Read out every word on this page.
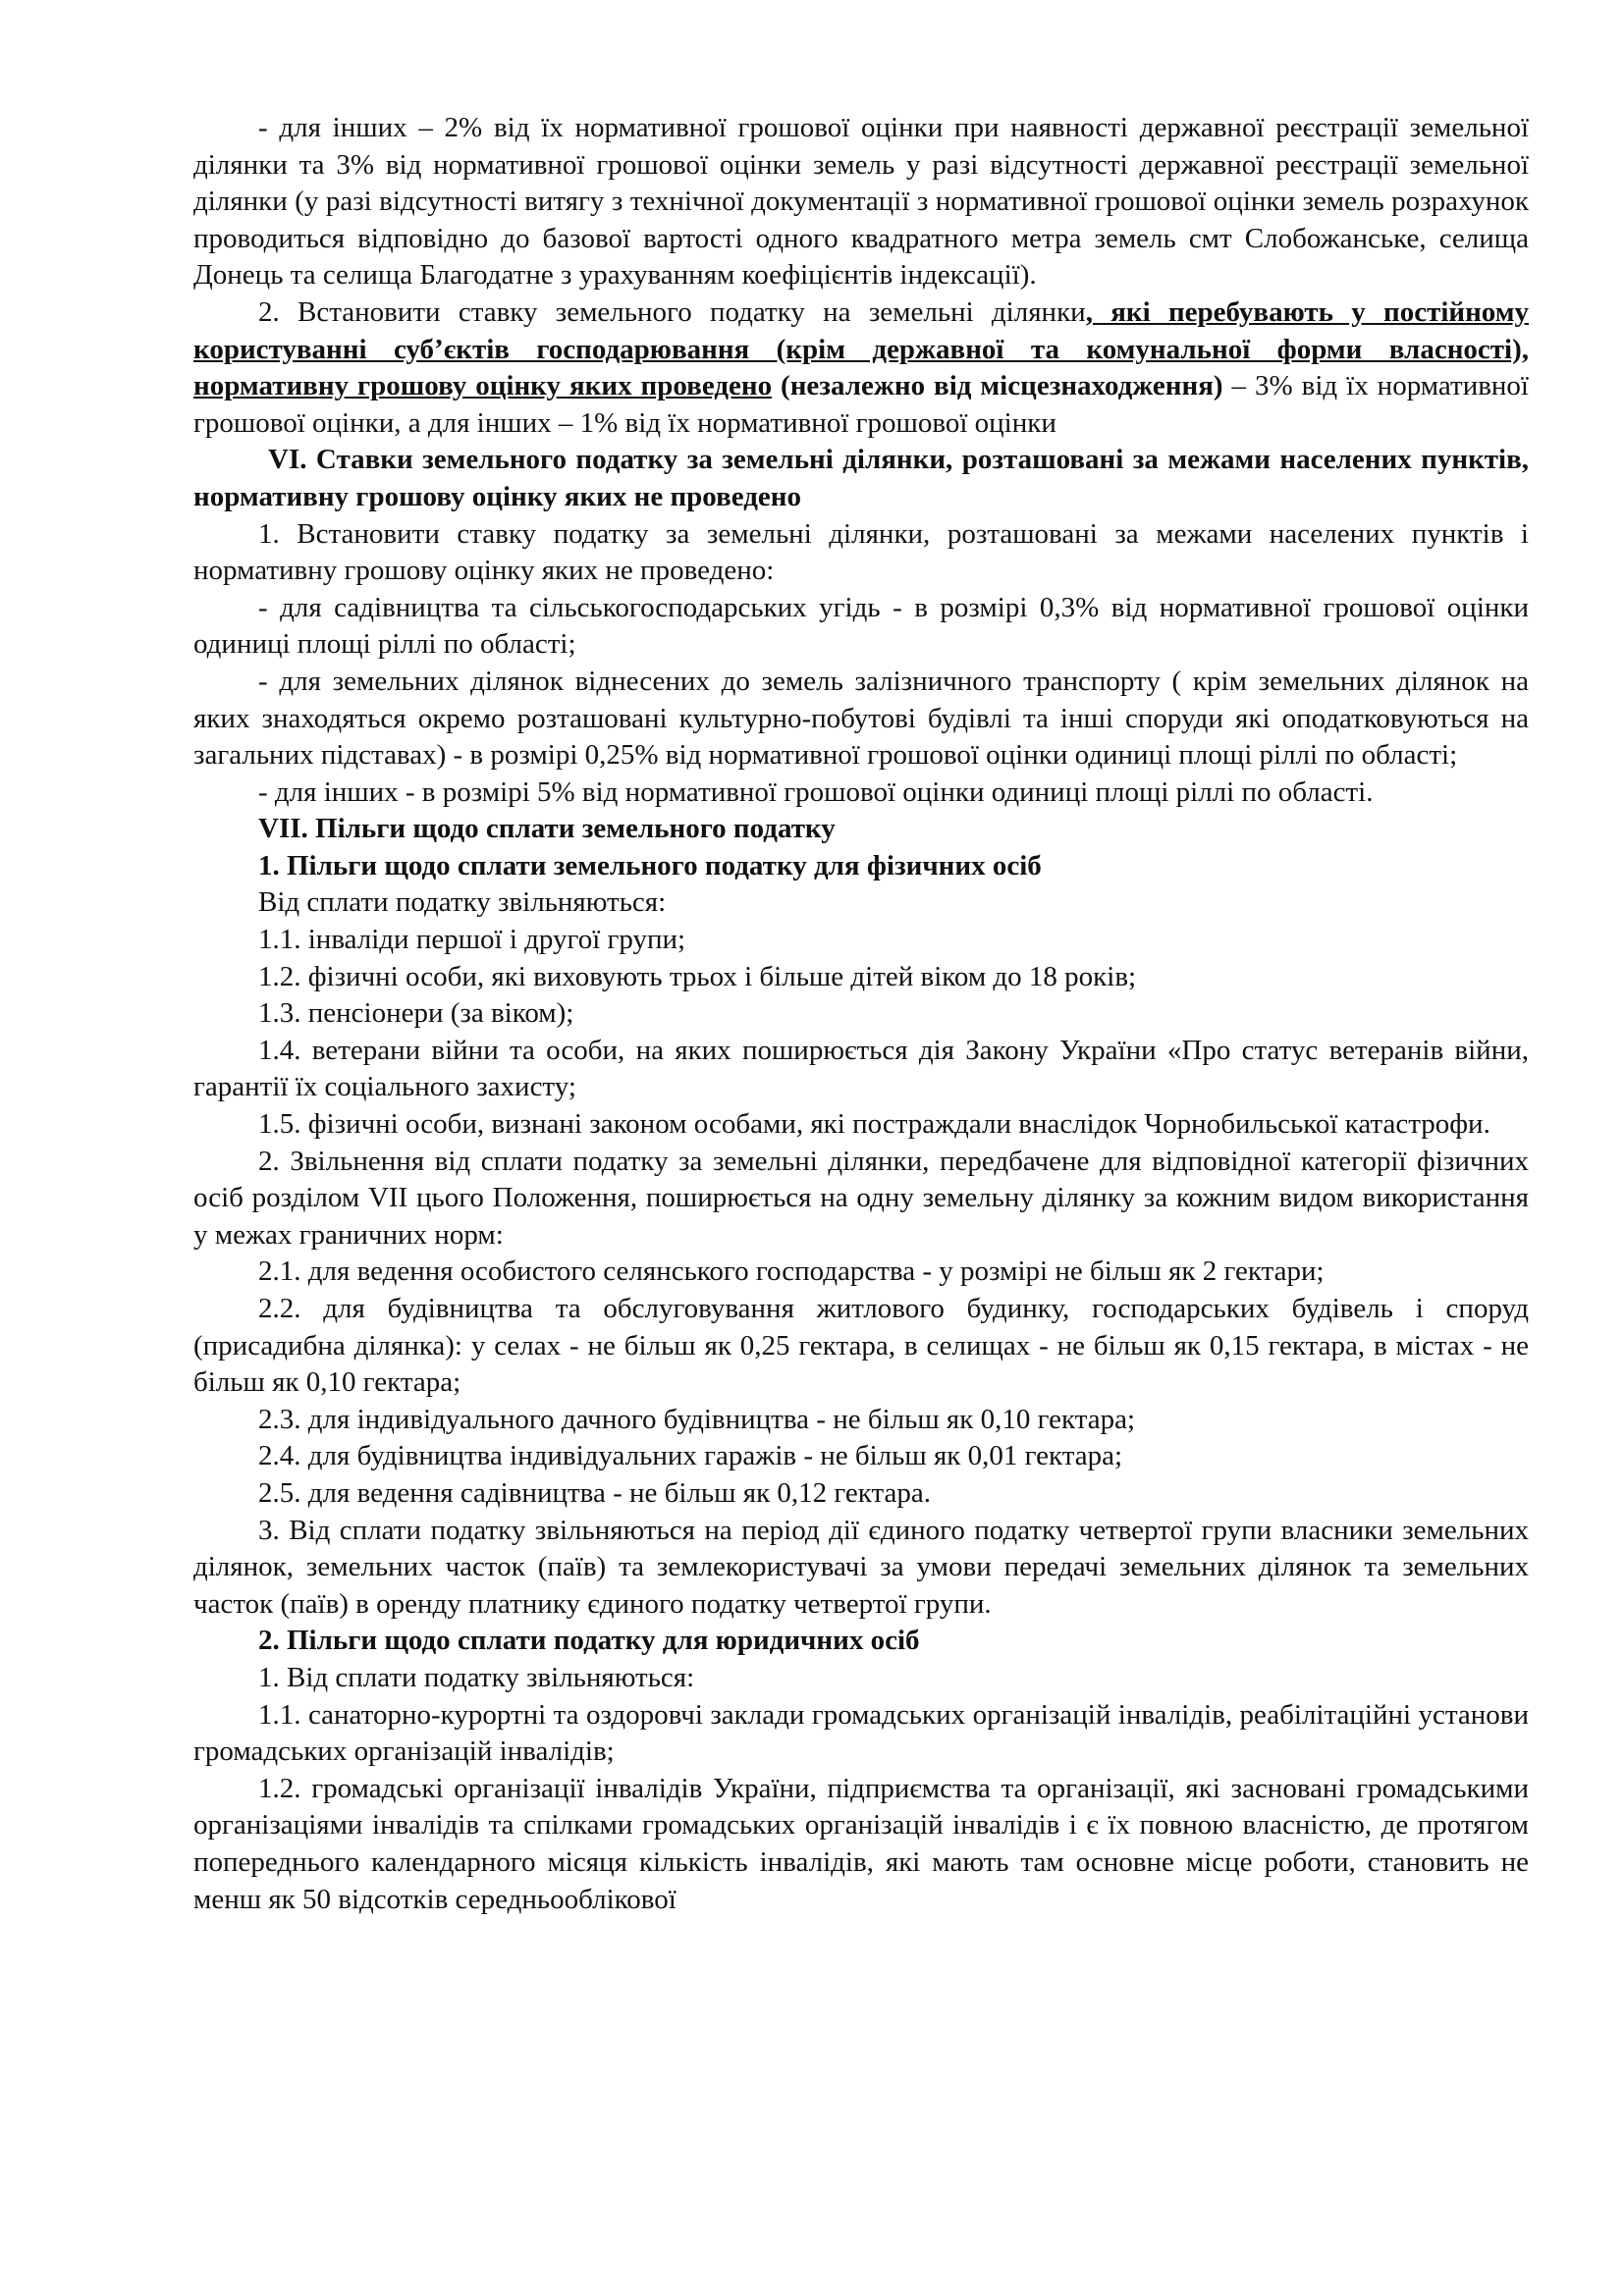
- для інших – 2% від їх нормативної грошової оцінки при наявності державної реєстрації земельної ділянки та 3% від нормативної грошової оцінки земель у разі відсутності державної реєстрації земельної ділянки (у разі відсутності витягу з технічної документації з нормативної грошової оцінки земель розрахунок проводиться відповідно до базової вартості одного квадратного метра земель смт Слобожанське, селища Донець та селища Благодатне з урахуванням коефіцієнтів індексації).

2. Встановити ставку земельного податку на земельні ділянки, які перебувають у постійному користуванні суб’єктів господарювання (крім державної та комунальної форми власності), нормативну грошову оцінку яких проведено (незалежно від місцезнаходження) – 3% від їх нормативної грошової оцінки, а для інших – 1% від їх нормативної грошової оцінки

VI. Ставки земельного податку за земельні ділянки, розташовані за межами населених пунктів, нормативну грошову оцінку яких не проведено

1. Встановити ставку податку за земельні ділянки, розташовані за межами населених пунктів і нормативну грошову оцінку яких не проведено:

- для садівництва та сільськогосподарських угідь - в розмірі 0,3% від нормативної грошової оцінки одиниці площі ріллі по області;

- для земельних ділянок віднесених до земель залізничного транспорту ( крім земельних ділянок на яких знаходяться окремо розташовані культурно-побутові будівлі та інші споруди які оподатковуються на загальних підставах) - в розмірі 0,25% від нормативної грошової оцінки одиниці площі ріллі по області;

- для інших - в розмірі 5% від нормативної грошової оцінки одиниці площі ріллі по області.

VII. Пільги щодо сплати земельного податку

1. Пільги щодо сплати земельного податку для фізичних осіб

Від сплати податку звільняються:

1.1. інваліди першої і другої групи;

1.2. фізичні особи, які виховують трьох і більше дітей віком до 18 років;

1.3. пенсіонери (за віком);

1.4. ветерани війни та особи, на яких поширюється дія Закону України «Про статус ветеранів війни, гарантії їх соціального захисту;

1.5. фізичні особи, визнані законом особами, які постраждали внаслідок Чорнобильської катастрофи.

2. Звільнення від сплати податку за земельні ділянки, передбачене для відповідної категорії фізичних осіб розділом VII цього Положення, поширюється на одну земельну ділянку за кожним видом використання у межах граничних норм:

2.1. для ведення особистого селянського господарства - у розмірі не більш як 2 гектари;

2.2. для будівництва та обслуговування житлового будинку, господарських будівель і споруд (присадибна ділянка): у селах - не більш як 0,25 гектара, в селищах - не більш як 0,15 гектара, в містах - не більш як 0,10 гектара;

2.3. для індивідуального дачного будівництва - не більш як 0,10 гектара;

2.4. для будівництва індивідуальних гаражів - не більш як 0,01 гектара;

2.5. для ведення садівництва - не більш як 0,12 гектара.

3. Від сплати податку звільняються на період дії єдиного податку четвертої групи власники земельних ділянок, земельних часток (паїв) та землекористувачі за умови передачі земельних ділянок та земельних часток (паїв) в оренду платнику єдиного податку четвертої групи.

2. Пільги щодо сплати податку для юридичних осіб

1. Від сплати податку звільняються:

1.1. санаторно-курортні та оздоровчі заклади громадських організацій інвалідів, реабілітаційні установи громадських організацій інвалідів;

1.2. громадські організації інвалідів України, підприємства та організації, які засновані громадськими організаціями інвалідів та спілками громадських організацій інвалідів і є їх повною власністю, де протягом попереднього календарного місяця кількість інвалідів, які мають там основне місце роботи, становить не менш як 50 відсотків середньооблікової
